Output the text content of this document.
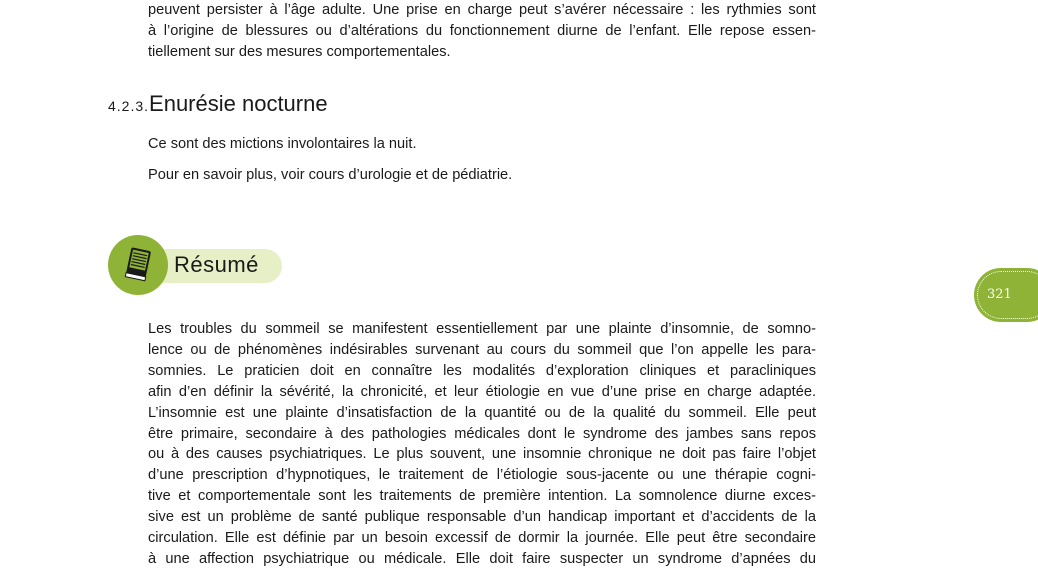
peuvent persister à l’âge adulte. Une prise en charge peut s’avérer nécessaire : les rythmies sont
à l’origine de blessures ou d’altérations du fonctionnement diurne de l’enfant. Elle repose essen-
tiellement sur des mesures comportementales.
4.2.3.Enurésie nocturne

Ce sont des mictions involontaires la nuit.

Pour en savoir plus, voir cours d’urologie et de pédiatrie.

Résumé
Les troubles du sommeil se manifestent essentiellement par une plainte d’insomnie, de somno-
lence ou de phénomènes indésirables survenant au cours du sommeil que l’on appelle les para-
somnies. Le praticien doit en connaître les modalités d’exploration cliniques et paracliniques
afin d’en définir la sévérité, la chronicité, et leur étiologie en vue d’une prise en charge adaptée.
L’insomnie est une plainte d’insatisfaction de la quantité ou de la qualité du sommeil. Elle peut
être primaire, secondaire à des pathologies médicales dont le syndrome des jambes sans repos
ou à des causes psychiatriques. Le plus souvent, une insomnie chronique ne doit pas faire l’objet
d’une prescription d’hypnotiques, le traitement de l’étiologie sous-jacente ou une thérapie cogni-
tive et comportementale sont les traitements de première intention. La somnolence diurne exces-
sive est un problème de santé publique responsable d’un handicap important et d’accidents de la
circulation. Elle est définie par un besoin excessif de dormir la journée. Elle peut être secondaire
à une affection psychiatrique ou médicale. Elle doit faire suspecter un syndrome d’apnées du
321
